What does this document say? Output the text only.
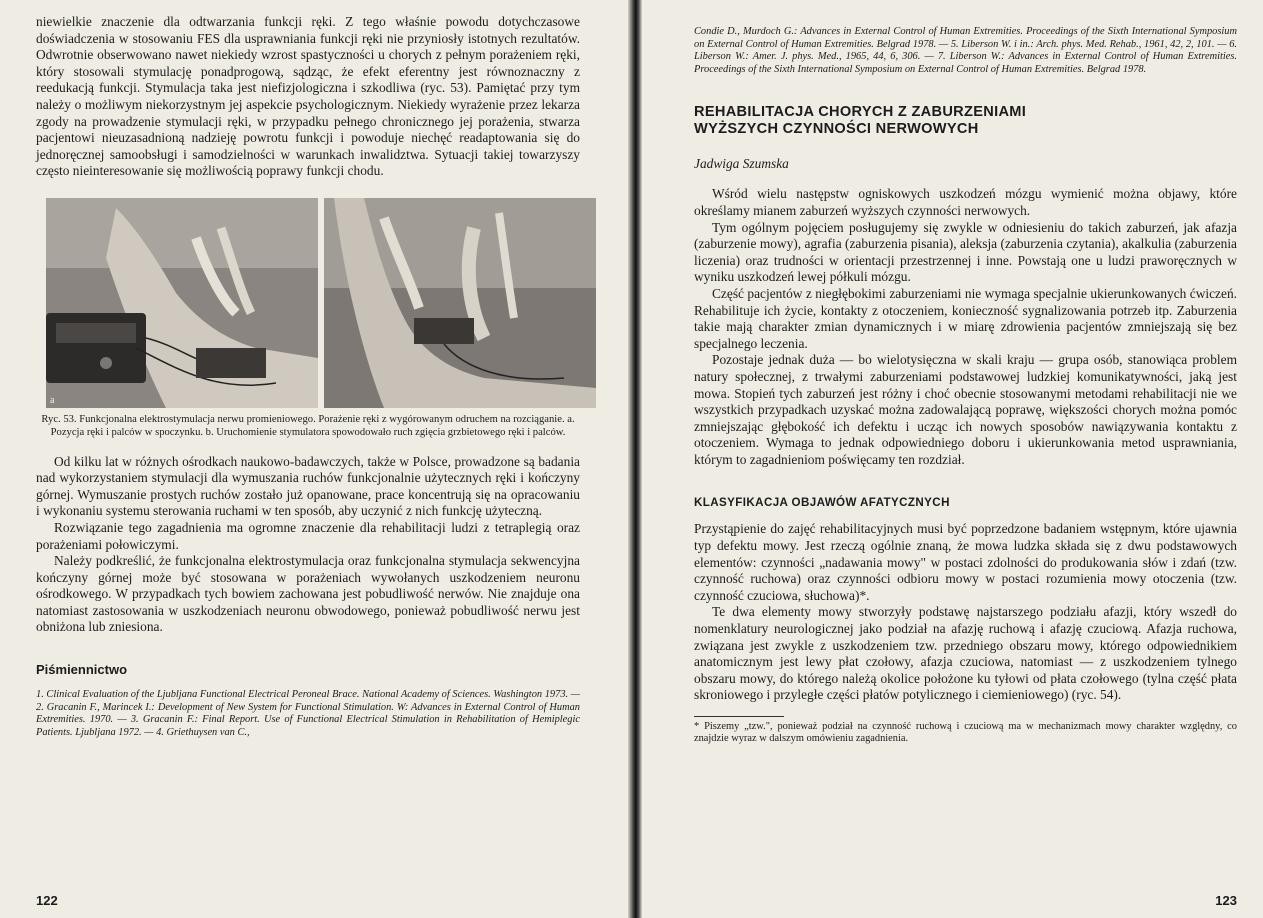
niewielkie znaczenie dla odtwarzania funkcji ręki. Z tego właśnie powodu dotychczasowe doświadczenia w stosowaniu FES dla usprawniania funkcji ręki nie przyniosły istotnych rezultatów. Odwrotnie obserwowano nawet niekiedy wzrost spastyczności u chorych z pełnym porażeniem ręki, który stosowali stymulację ponadprogową, sądząc, że efekt eferentny jest równoznaczny z reedukacją funkcji. Stymulacja taka jest niefizjologiczna i szkodliwa (ryc. 53). Pamiętać przy tym należy o możliwym niekorzystnym jej aspekcie psychologicznym. Niekiedy wyrażenie przez lekarza zgody na prowadzenie stymulacji ręki, w przypadku pełnego chronicznego jej porażenia, stwarza pacjentowi nieuzasadnioną nadzieję powrotu funkcji i powoduje niechęć readaptowania się do jednoręcznej samoobsługi i samodzielności w warunkach inwalidztwa. Sytuacji takiej towarzyszy często nieinteresowanie się możliwością poprawy funkcji chodu.

a

Ryc. 53. Funkcjonalna elektrostymulacja nerwu promieniowego. Porażenie ręki z wygórowanym odruchem na rozciąganie. a. Pozycja ręki i palców w spoczynku. b. Uruchomienie stymulatora spowodowało ruch zgięcia grzbietowego ręki i palców.

Od kilku lat w różnych ośrodkach naukowo-badawczych, także w Polsce, prowadzone są badania nad wykorzystaniem stymulacji dla wymuszania ruchów funkcjonalnie użytecznych ręki i kończyny górnej. Wymuszanie prostych ruchów zostało już opanowane, prace koncentrują się na opracowaniu i wykonaniu systemu sterowania ruchami w ten sposób, aby uczynić z nich funkcję użyteczną.

Rozwiązanie tego zagadnienia ma ogromne znaczenie dla rehabilitacji ludzi z tetraplegią oraz porażeniami połowiczymi.

Należy podkreślić, że funkcjonalna elektrostymulacja oraz funkcjonalna stymulacja sekwencyjna kończyny górnej może być stosowana w porażeniach wywołanych uszkodzeniem neuronu ośrodkowego. W przypadkach tych bowiem zachowana jest pobudliwość nerwów. Nie znajduje ona natomiast zastosowania w uszkodzeniach neuronu obwodowego, ponieważ pobudliwość nerwu jest obniżona lub zniesiona.

Piśmiennictwo

1. Clinical Evaluation of the Ljubljana Functional Electrical Peroneal Brace. National Academy of Sciences. Washington 1973. — 2. Gracanin F., Marincek I.: Development of New System for Functional Stimulation. W: Advances in External Control of Human Extremities. 1970. — 3. Gracanin F.: Final Report. Use of Functional Electrical Stimulation in Rehabilitation of Hemiplegic Patients. Ljubljana 1972. — 4. Griethuysen van C.,

122

Condie D., Murdoch G.: Advances in External Control of Human Extremities. Proceedings of the Sixth International Symposium on External Control of Human Extremities. Belgrad 1978. — 5. Liberson W. i in.: Arch. phys. Med. Rehab., 1961, 42, 2, 101. — 6. Liberson W.: Amer. J. phys. Med., 1965, 44, 6, 306. — 7. Liberson W.: Advances in External Control of Human Extremities. Proceedings of the Sixth International Symposium on External Control of Human Extremities. Belgrad 1978.

REHABILITACJA CHORYCH Z ZABURZENIAMI
WYŻSZYCH CZYNNOŚCI NERWOWYCH
Jadwiga Szumska

Wśród wielu następstw ogniskowych uszkodzeń mózgu wymienić można objawy, które określamy mianem zaburzeń wyższych czynności nerwowych.

Tym ogólnym pojęciem posługujemy się zwykle w odniesieniu do takich zaburzeń, jak afazja (zaburzenie mowy), agrafia (zaburzenia pisania), aleksja (zaburzenia czytania), akalkulia (zaburzenia liczenia) oraz trudności w orientacji przestrzennej i inne. Powstają one u ludzi praworęcznych w wyniku uszkodzeń lewej półkuli mózgu.

Część pacjentów z niegłębokimi zaburzeniami nie wymaga specjalnie ukierunkowanych ćwiczeń. Rehabilituje ich życie, kontakty z otoczeniem, konieczność sygnalizowania potrzeb itp. Zaburzenia takie mają charakter zmian dynamicznych i w miarę zdrowienia pacjentów zmniejszają się bez specjalnego leczenia.

Pozostaje jednak duża — bo wielotysięczna w skali kraju — grupa osób, stanowiąca problem natury społecznej, z trwałymi zaburzeniami podstawowej ludzkiej komunikatywności, jaką jest mowa. Stopień tych zaburzeń jest różny i choć obecnie stosowanymi metodami rehabilitacji nie we wszystkich przypadkach uzyskać można zadowalającą poprawę, większości chorych można pomóc zmniejszając głębokość ich defektu i ucząc ich nowych sposobów nawiązywania kontaktu z otoczeniem. Wymaga to jednak odpowiedniego doboru i ukierunkowania metod usprawniania, którym to zagadnieniom poświęcamy ten rozdział.

KLASYFIKACJA OBJAWÓW AFATYCZNYCH

Przystąpienie do zajęć rehabilitacyjnych musi być poprzedzone badaniem wstępnym, które ujawnia typ defektu mowy. Jest rzeczą ogólnie znaną, że mowa ludzka składa się z dwu podstawowych elementów: czynności „nadawania mowy" w postaci zdolności do produkowania słów i zdań (tzw. czynność ruchowa) oraz czynności odbioru mowy w postaci rozumienia mowy otoczenia (tzw. czynność czuciowa, słuchowa)*.

Te dwa elementy mowy stworzyły podstawę najstarszego podziału afazji, który wszedł do nomenklatury neurologicznej jako podział na afazję ruchową i afazję czuciową. Afazja ruchowa, związana jest zwykle z uszkodzeniem tzw. przedniego obszaru mowy, którego odpowiednikiem anatomicznym jest lewy płat czołowy, afazja czuciowa, natomiast — z uszkodzeniem tylnego obszaru mowy, do którego należą okolice położone ku tyłowi od płata czołowego (tylna część płata skroniowego i przyległe części płatów potylicznego i ciemieniowego) (ryc. 54).

* Piszemy „tzw.", ponieważ podział na czynność ruchową i czuciową ma w mechanizmach mowy charakter względny, co znajdzie wyraz w dalszym omówieniu zagadnienia.

123
